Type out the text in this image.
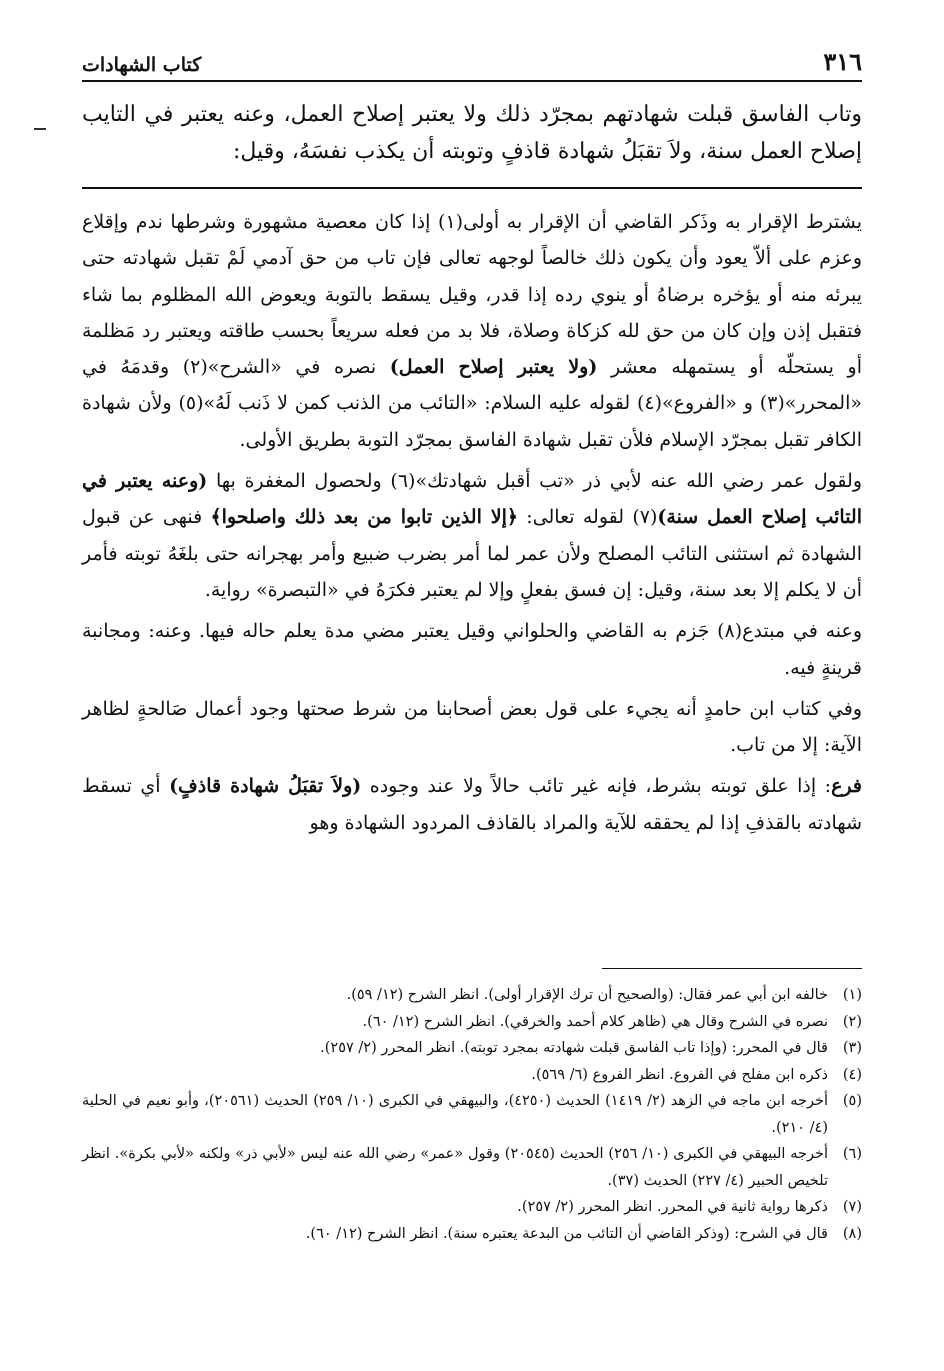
٣١٦
كتاب الشهادات

وتاب الفاسق قبلت شهادتهم بمجرّد ذلك ولا يعتبر إصلاح العمل، وعنه يعتبر في التايب إصلاح العمل سنة، ولاَ تقبَلُ شهادة قاذفٍ وتوبته أن يكذب نفسَهُ، وقيل:

يشترط الإقرار به وذَكر القاضي أن الإقرار به أولى(١) إذا كان معصية مشهورة وشرطها ندم وإقلاع وعزم على ألاّ يعود وأن يكون ذلك خالصاً لوجهه تعالى فإن تاب من حق آدمي لَمْ تقبل شهادته حتى يبرئه منه أو يؤخره برضاهُ أو ينوي رده إذا قدر، وقيل يسقط بالتوبة ويعوض الله المظلوم بما شاء فتقبل إذن وإن كان من حق لله كزكاة وصلاة، فلا بد من فعله سريعاً بحسب طاقته ويعتبر رد مَظلمة أو يستحلّه أو يستمهله معشر (ولا يعتبر إصلاح العمل) نصره في «الشرح»(٢) وقدمَهُ في «المحرر»(٣) و «الفروع»(٤) لقوله عليه السلام: «التائب من الذنب كمن لا ذَنب لَهُ»(٥) ولأن شهادة الكافر تقبل بمجرّد الإسلام فلأن تقبل شهادة الفاسق بمجرّد التوبة بطريق الأولى.

ولقول عمر رضي الله عنه لأبي ذر «تب أقبل شهادتك»(٦) ولحصول المغفرة بها (وعنه يعتبر في التائب إصلاح العمل سنة)(٧) لقوله تعالى: ﴿إلا الذين تابوا من بعد ذلك واصلحوا﴾ فنهى عن قبول الشهادة ثم استثنى التائب المصلح ولأن عمر لما أمر بضرب ضبيع وأمر بهجرانه حتى بلغَهُ توبته فأمر أن لا يكلم إلا بعد سنة، وقيل: إن فسق بفعلٍ وإلا لم يعتبر فكرَهُ في «التبصرة» رواية.

وعنه في مبتدع(٨) جَزم به القاضي والحلواني وقيل يعتبر مضي مدة يعلم حاله فيها. وعنه: ومجانبة قرينةٍ فيه.

وفي كتاب ابن حامدٍ أنه يجيء على قول بعض أصحابنا من شرط صحتها وجود أعمال صَالحةٍ لظاهر الآية: إلا من تاب.

فرع: إذا علق توبته بشرط، فإنه غير تائب حالاً ولا عند وجوده (ولاَ تقبَلُ شهادة قاذفٍ) أي تسقط شهادته بالقذفِ إذا لم يحققه للآية والمراد بالقاذف المردود الشهادة وهو

(١)
خالفه ابن أبي عمر فقال: (والصحيح أن ترك الإقرار أولى). انظر الشرح (١٢/ ٥٩).
(٢)
نصره في الشرح وقال هي (ظاهر كلام أحمد والخرقي). انظر الشرح (١٢/ ٦٠).
(٣)
قال في المحرر: (وإذا تاب الفاسق قبلت شهادته بمجرد توبته). انظر المحرر (٢/ ٢٥٧).
(٤)
ذكره ابن مفلح في الفروع. انظر الفروع (٦/ ٥٦٩).
(٥)
أخرجه ابن ماجه في الزهد (٢/ ١٤١٩) الحديث (٤٢٥٠)، والبيهقي في الكبرى (١٠/ ٢٥٩) الحديث (٢٠٥٦١)، وأبو نعيم في الحلية (٤/ ٢١٠).
(٦)
أخرجه البيهقي في الكبرى (١٠/ ٢٥٦) الحديث (٢٠٥٤٥) وقول «عمر» رضي الله عنه ليس «لأبي ذر» ولكنه «لأبي بكرة». انظر تلخيص الحبير (٤/ ٢٢٧) الحديث (٣٧).
(٧)
ذكرها رواية ثانية في المحرر. انظر المحرر (٢/ ٢٥٧).
(٨)
قال في الشرح: (وذكر القاضي أن التائب من البدعة يعتبره سنة). انظر الشرح (١٢/ ٦٠).
